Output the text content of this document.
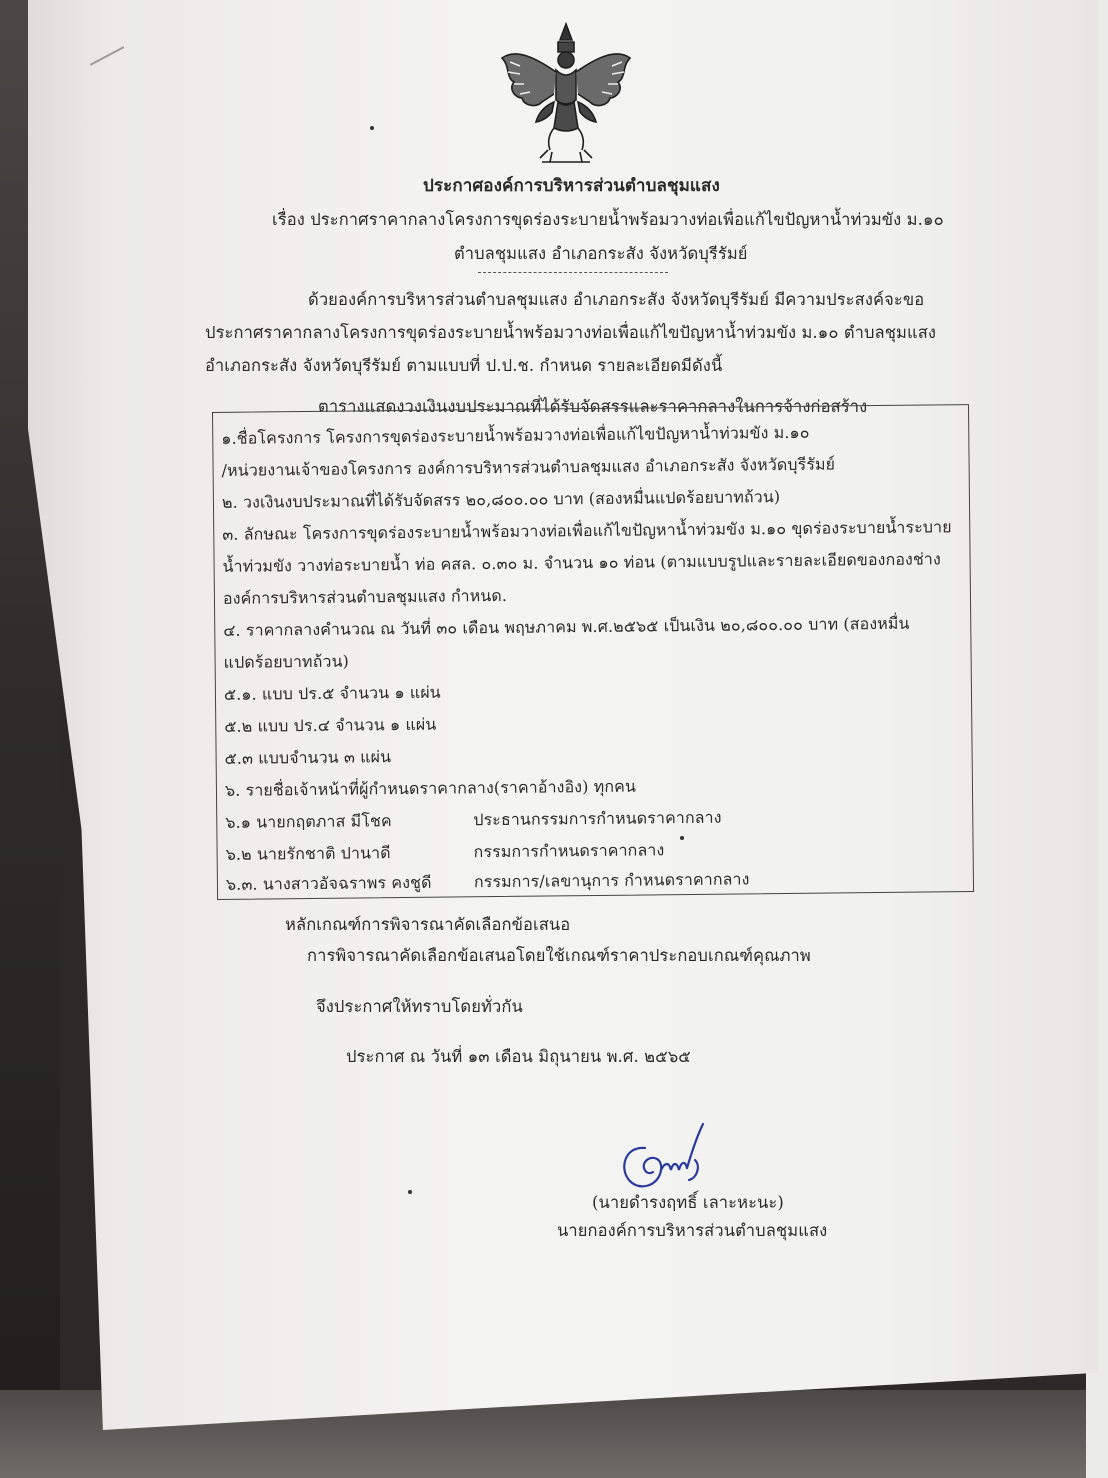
ประกาศองค์การบริหารส่วนตำบลชุมแสง
เรื่อง ประกาศราคากลางโครงการขุดร่องระบายน้ำพร้อมวางท่อเพื่อแก้ไขปัญหาน้ำท่วมขัง ม.๑๐
ตำบลชุมแสง อำเภอกระสัง จังหวัดบุรีรัมย์
ด้วยองค์การบริหารส่วนตำบลชุมแสง อำเภอกระสัง จังหวัดบุรีรัมย์ มีความประสงค์จะขอ
ประกาศราคากลางโครงการขุดร่องระบายน้ำพร้อมวางท่อเพื่อแก้ไขปัญหาน้ำท่วมขัง ม.๑๐ ตำบลชุมแสง
อำเภอกระสัง จังหวัดบุรีรัมย์ ตามแบบที่ ป.ป.ช. กำหนด รายละเอียดมีดังนี้
ตารางแสดงวงเงินงบประมาณที่ได้รับจัดสรรและราคากลางในการจ้างก่อสร้าง
๑.ชื่อโครงการ โครงการขุดร่องระบายน้ำพร้อมวางท่อเพื่อแก้ไขปัญหาน้ำท่วมขัง ม.๑๐
/หน่วยงานเจ้าของโครงการ องค์การบริหารส่วนตำบลชุมแสง อำเภอกระสัง จังหวัดบุรีรัมย์
๒. วงเงินงบประมาณที่ได้รับจัดสรร ๒๐,๘๐๐.๐๐ บาท (สองหมื่นแปดร้อยบาทถ้วน)
๓. ลักษณะ โครงการขุดร่องระบายน้ำพร้อมวางท่อเพื่อแก้ไขปัญหาน้ำท่วมขัง ม.๑๐ ขุดร่องระบายน้ำระบาย
น้ำท่วมขัง วางท่อระบายน้ำ ท่อ คสล. ๐.๓๐ ม. จำนวน ๑๐ ท่อน (ตามแบบรูปและรายละเอียดของกองช่าง
องค์การบริหารส่วนตำบลชุมแสง กำหนด.
๔. ราคากลางคำนวณ ณ วันที่ ๓๐ เดือน พฤษภาคม พ.ศ.๒๕๖๕ เป็นเงิน ๒๐,๘๐๐.๐๐ บาท (สองหมื่น
แปดร้อยบาทถ้วน)
๕.๑. แบบ ปร.๕ จำนวน ๑ แผ่น
๕.๒ แบบ ปร.๔ จำนวน ๑ แผ่น
๕.๓ แบบจำนวน ๓ แผ่น
๖. รายชื่อเจ้าหน้าที่ผู้กำหนดราคากลาง(ราคาอ้างอิง) ทุกคน
๖.๑ นายกฤตภาส มีโชค	ประธานกรรมการกำหนดราคากลาง
๖.๒ นายรักชาติ ปานาดี	กรรมการกำหนดราคากลาง
๖.๓. นางสาวอัจฉราพร คงชูดี	กรรมการ/เลขานุการ กำหนดราคากลาง
หลักเกณฑ์การพิจารณาคัดเลือกข้อเสนอ
การพิจารณาคัดเลือกข้อเสนอโดยใช้เกณฑ์ราคาประกอบเกณฑ์คุณภาพ
จึงประกาศให้ทราบโดยทั่วกัน
ประกาศ ณ วันที่ ๑๓ เดือน มิถุนายน พ.ศ. ๒๕๖๕
(นายดำรงฤทธิ์ เลาะหะนะ)
นายกองค์การบริหารส่วนตำบลชุมแสง
